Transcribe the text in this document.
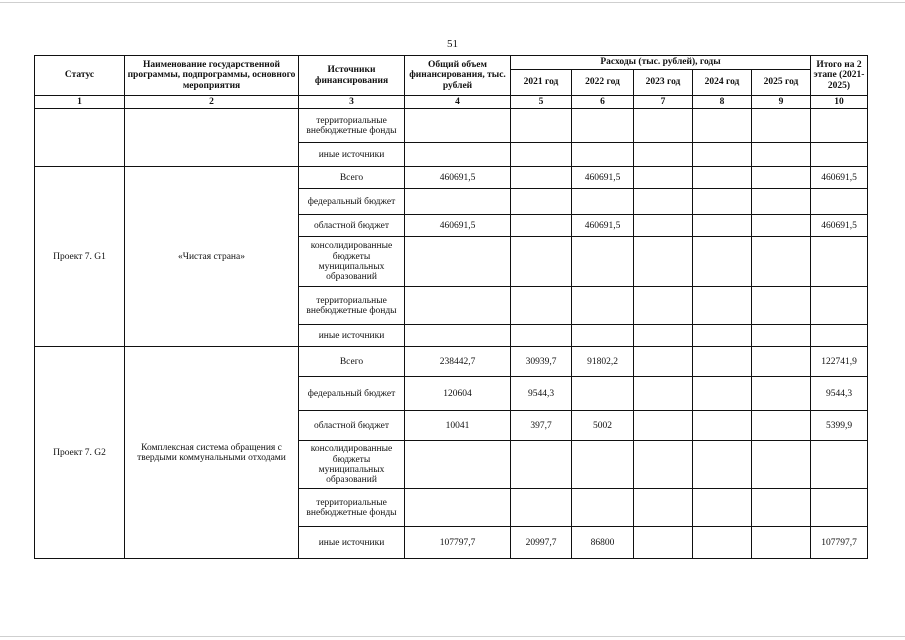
51
Статус	Наименование государственной программы, подпрограммы, основного мероприятия	Источники финансирования	Общий объем финансирования, тыс. рублей	Расходы (тыс. рублей), годы					Итого на 2 этапе (2021-2025)
				2021 год	2022 год	2023 год	2024 год	2025 год	
1	2	3	4	5	6	7	8	9	10
		территориальные внебюджетные фонды							
		иные источники							
Проект 7. G1	«Чистая страна»	Всего	460691,5		460691,5				460691,5
		федеральный бюджет							
		областной бюджет	460691,5		460691,5				460691,5
		консолидированные бюджеты муниципальных образований							
		территориальные внебюджетные фонды							
		иные источники							
Проект 7. G2	Комплексная система обращения с твердыми коммунальными отходами	Всего	238442,7	30939,7	91802,2				122741,9
		федеральный бюджет	120604	9544,3					9544,3
		областной бюджет	10041	397,7	5002				5399,9
		консолидированные бюджеты муниципальных образований							
		территориальные внебюджетные фонды							
		иные источники	107797,7	20997,7	86800				107797,7
